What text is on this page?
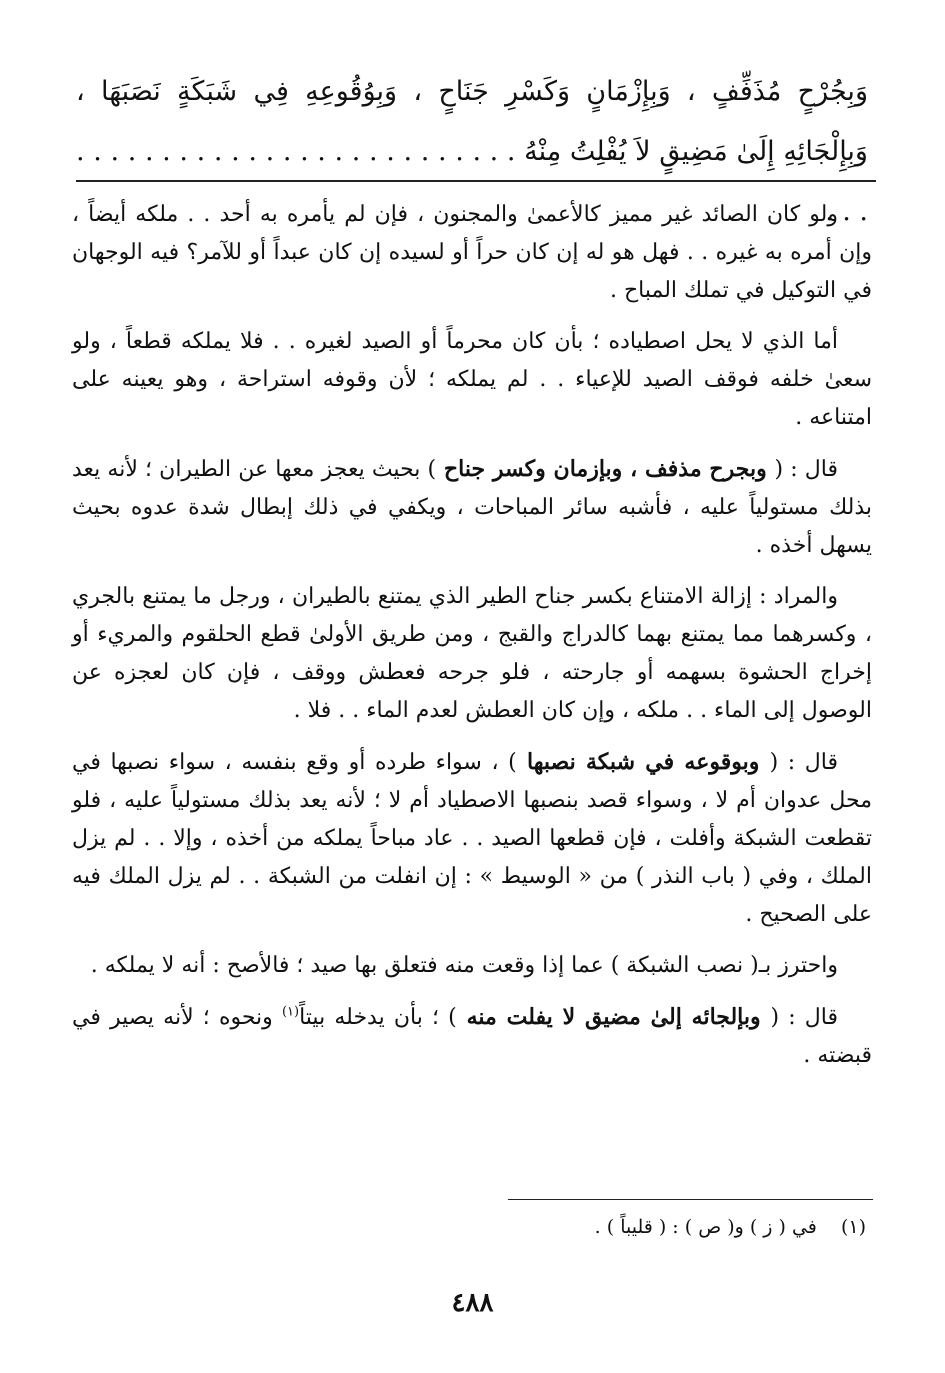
وَبِجُرْحٍ مُذَفِّفٍ ، وَبِإِزْمَانٍ وَكَسْرِ جَنَاحٍ ، وَبِوُقُوعِهِ فِي شَبَكَةٍ نَصَبَهَا ، وَبِإِلْجَائِهِ إِلَىٰ مَضِيقٍ لاَ يُفْلِتُ مِنْهُ . . . . . . . . . . . . . . . . . . . . . . . . . . . . .

ولو كان الصائد غير مميز كالأعمىٰ والمجنون ، فإن لم يأمره به أحد . . ملكه أيضاً ، وإن أمره به غيره . . فهل هو له إن كان حراً أو لسيده إن كان عبداً أو للآمر؟ فيه الوجهان في التوكيل في تملك المباح .

أما الذي لا يحل اصطياده ؛ بأن كان محرماً أو الصيد لغيره . . فلا يملكه قطعاً ، ولو سعىٰ خلفه فوقف الصيد للإعياء . . لم يملكه ؛ لأن وقوفه استراحة ، وهو يعينه على امتناعه .

قال : ( وبجرح مذفف ، وبإزمان وكسر جناح ) بحيث يعجز معها عن الطيران ؛ لأنه يعد بذلك مستولياً عليه ، فأشبه سائر المباحات ، ويكفي في ذلك إبطال شدة عدوه بحيث يسهل أخذه .

والمراد : إزالة الامتناع بكسر جناح الطير الذي يمتنع بالطيران ، ورجل ما يمتنع بالجري ، وكسرهما مما يمتنع بهما كالدراج والقبج ، ومن طريق الأولىٰ قطع الحلقوم والمريء أو إخراج الحشوة بسهمه أو جارحته ، فلو جرحه فعطش ووقف ، فإن كان لعجزه عن الوصول إلى الماء . . ملكه ، وإن كان العطش لعدم الماء . . فلا .

قال : ( وبوقوعه في شبكة نصبها ) ، سواء طرده أو وقع بنفسه ، سواء نصبها في محل عدوان أم لا ، وسواء قصد بنصبها الاصطياد أم لا ؛ لأنه يعد بذلك مستولياً عليه ، فلو تقطعت الشبكة وأفلت ، فإن قطعها الصيد . . عاد مباحاً يملكه من أخذه ، وإلا . . لم يزل الملك ، وفي ( باب النذر ) من « الوسيط » : إن انفلت من الشبكة . . لم يزل الملك فيه على الصحيح .

واحترز بـ( نصب الشبكة ) عما إذا وقعت منه فتعلق بها صيد ؛ فالأصح : أنه لا يملكه .

قال : ( وبإلجائه إلىٰ مضيق لا يفلت منه ) ؛ بأن يدخله بيتاً$^{(١)}$ ونحوه ؛ لأنه يصير في قبضته .

(١) في ( ز ) و( ص ) : ( قليباً ) .
٤٨٨
